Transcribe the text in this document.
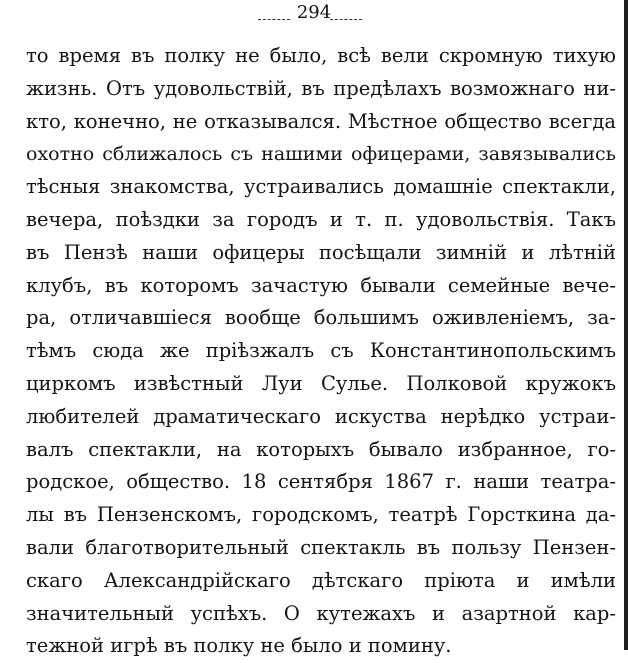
294
то время въ полку не было, всѣ вели скромную тихую
жизнь. Отъ удовольствій, въ предѣлахъ возможнаго ни-
кто, конечно, не отказывался. Мѣстное общество всегда
охотно сближалось съ нашими офицерами, завязывались
тѣсныя знакомства, устраивались домашніе спектакли,
вечера, поѣздки за городъ и т. п. удовольствія. Такъ
въ Пензѣ наши офицеры посѣщали зимній и лѣтній
клубъ, въ которомъ зачастую бывали семейные вече-
ра, отличавшіеся вообще большимъ оживленіемъ, за-
тѣмъ сюда же пріѣзжалъ съ Константинопольскимъ
циркомъ извѣстный Луи Сулье. Полковой кружокъ
любителей драматическаго искуства нерѣдко устраи-
валъ спектакли, на которыхъ бывало избранное, го-
родское, общество. 18 сентября 1867 г. наши театра-
лы въ Пензенскомъ, городскомъ, театрѣ Горсткина да-
вали благотворительный спектакль въ пользу Пензен-
скаго Александрійскаго дѣтскаго пріюта и имѣли
значительный успѣхъ. О кутежахъ и азартной кар-
тежной игрѣ въ полку не было и помину.
